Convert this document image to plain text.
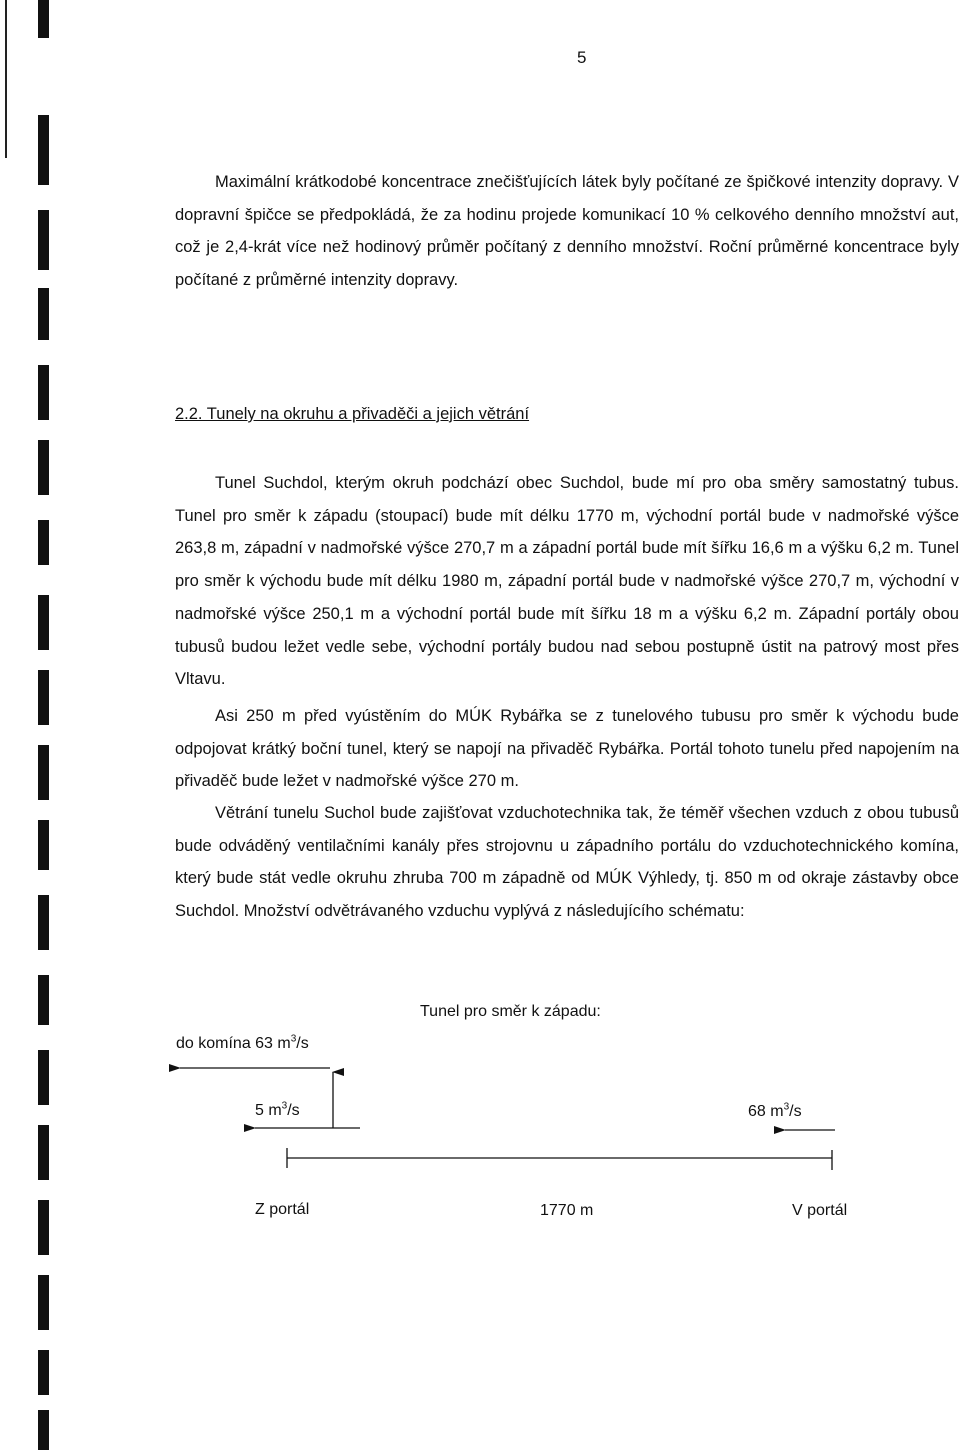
5

Maximální krátkodobé koncentrace znečišťujících látek byly počítané ze špičkové intenzity dopravy. V dopravní špičce se předpokládá, že za hodinu projede komunikací 10 % celkového denního množství aut, což je 2,4-krát více než hodinový průměr počítaný z denního množství. Roční průměrné koncentrace byly počítané z průměrné intenzity dopravy.

2.2. Tunely na okruhu a přivaděči a jejich větrání

Tunel Suchdol, kterým okruh podchází obec Suchdol, bude mí pro oba směry samostatný tubus. Tunel pro směr k západu (stoupací) bude mít délku 1770 m, východní portál bude v nadmořské výšce 263,8 m, západní v nadmořské výšce 270,7 m a západní portál bude mít šířku 16,6 m a výšku 6,2 m. Tunel pro směr k východu bude mít délku 1980 m, západní portál bude v nadmořské výšce 270,7 m, východní v nadmořské výšce 250,1 m a východní portál bude mít šířku 18 m a výšku 6,2 m. Západní portály obou tubusů budou ležet vedle sebe, východní portály budou nad sebou postupně ústit na patrový most přes Vltavu.

Asi 250 m před vyústěním do MÚK Rybářka se z tunelového tubusu pro směr k východu bude odpojovat krátký boční tunel, který se napojí na přivaděč Rybářka. Portál tohoto tunelu před napojením na přivaděč bude ležet v nadmořské výšce 270 m.

Větrání tunelu Suchol bude zajišťovat vzduchotechnika tak, že téměř všechen vzduch z obou tubusů bude odváděný ventilačními kanály přes strojovnu u západního portálu do vzduchotechnického komína, který bude stát vedle okruhu zhruba 700 m západně od MÚK Výhledy, tj. 850 m od okraje zástavby obce Suchdol. Množství odvětrávaného vzduchu vyplývá z následujícího schématu:

Tunel pro směr k západu:
do komína 63 $m^3/s$
5 $m^3/s$	68 $m^3/s$
Z portál	1770 m	V portál
